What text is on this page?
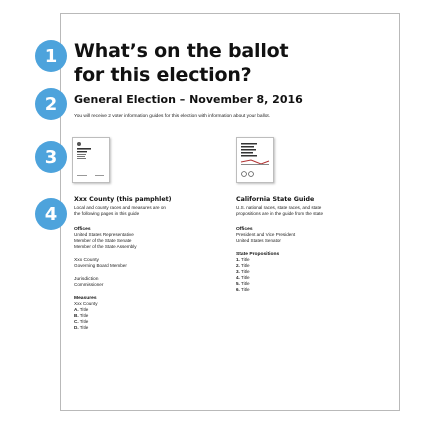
1
2
3
4
What’s on the ballot
for this election?
General Election – November 8, 2016

You will receive 2 voter information guides for this election with information about your ballot.

Xxx County (this pamphlet)

Local and county races and measures are on
the following pages in this guide

Offices

United States Representative

Member of the State Senate

Member of the State Assembly

Xxx County

Governing Board Member

Jurisdiction

Commissioner

Measures

Xxx County

A. Title

B. Title

C. Title

D. Title

California State Guide

U.S. national races, state races, and state
propositions are in the guide from the state

Offices

President and Vice President

United States Senator

State Propositions

1. Title

2. Title

3. Title

4. Title

5. Title

6. Title
